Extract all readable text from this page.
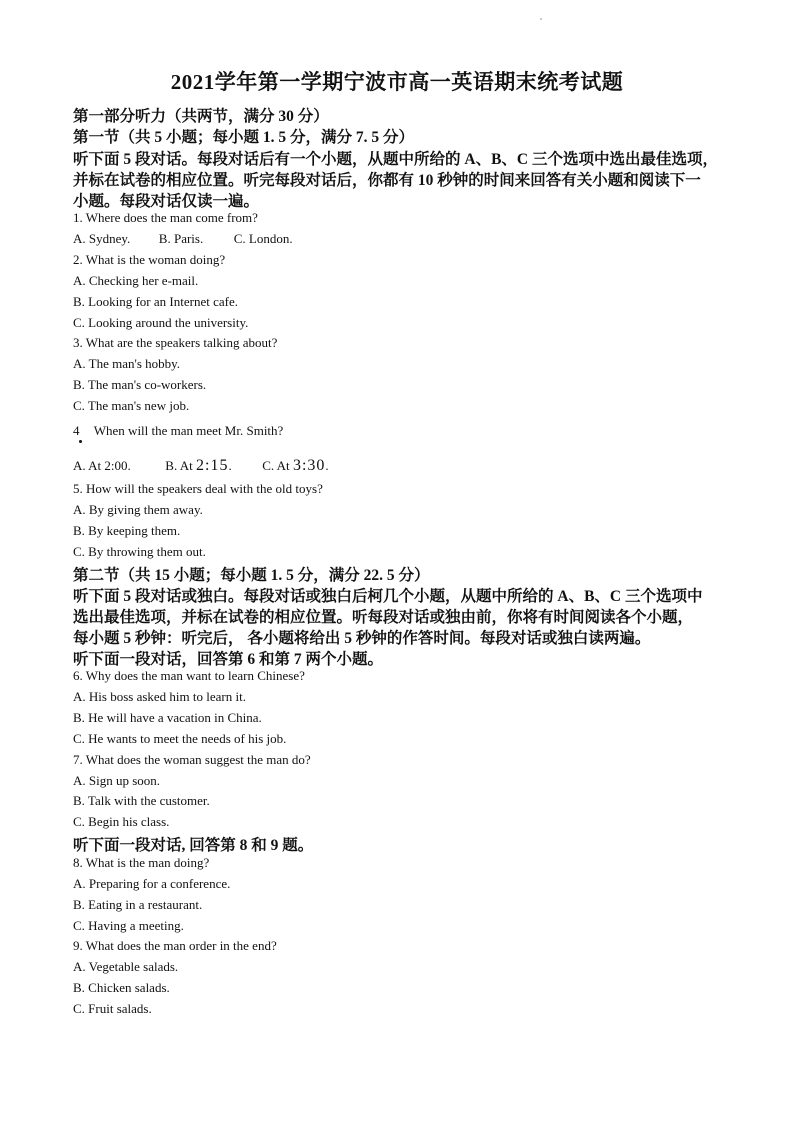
2021学年第一学期宁波市高一英语期末统考试题
第一部分听力（共两节，满分 30 分）
第一节（共 5 小题；每小题 1. 5 分，满分 7. 5 分）
听下面 5 段对话。每段对话后有一个小题，从题中所给的 A、B、C 三个选项中选出最佳选项，
并标在试卷的相应位置。听完每段对话后，你都有 10 秒钟的时间来回答有关小题和阅读下一
小题。每段对话仅读一遍。
1. Where does the man come from?
A. Sydney. B. Paris. C. London.
2. What is the woman doing?
A. Checking her e-mail.
B. Looking for an Internet cafe.
C. Looking around the university.
3. What are the speakers talking about?
A. The man's hobby.
B. The man's co-workers.
C. The man's new job.
4 When will the man meet Mr. Smith?
A. At 2:00.	B. At 2:15. C. At 3:30.
5. How will the speakers deal with the old toys?
A. By giving them away.
B. By keeping them.
C. By throwing them out.
第二节（共 15 小题；每小题 1. 5 分，满分 22. 5 分）
听下面 5 段对话或独白。每段对话或独白后柯几个小题，从题中所给的 A、B、C 三个选项中
选出最佳选项，并标在试卷的相应位置。听每段对话或独由前，你将有时间阅读各个小题，
每小题 5 秒钟：听完后， 各小题将给出 5 秒钟的作答时间。每段对话或独白读两遍。
听下面一段对话，回答第 6 和第 7 两个小题。
6. Why does the man want to learn Chinese?
A. His boss asked him to learn it.
B. He will have a vacation in China.
C. He wants to meet the needs of his job.
7. What does the woman suggest the man do?
A. Sign up soon.
B. Talk with the customer.
C. Begin his class.
听下面一段对话, 回答第 8 和 9 题。
8. What is the man doing?
A. Preparing for a conference.
B. Eating in a restaurant.
C. Having a meeting.
9. What does the man order in the end?
A. Vegetable salads.
B. Chicken salads.
C. Fruit salads.
